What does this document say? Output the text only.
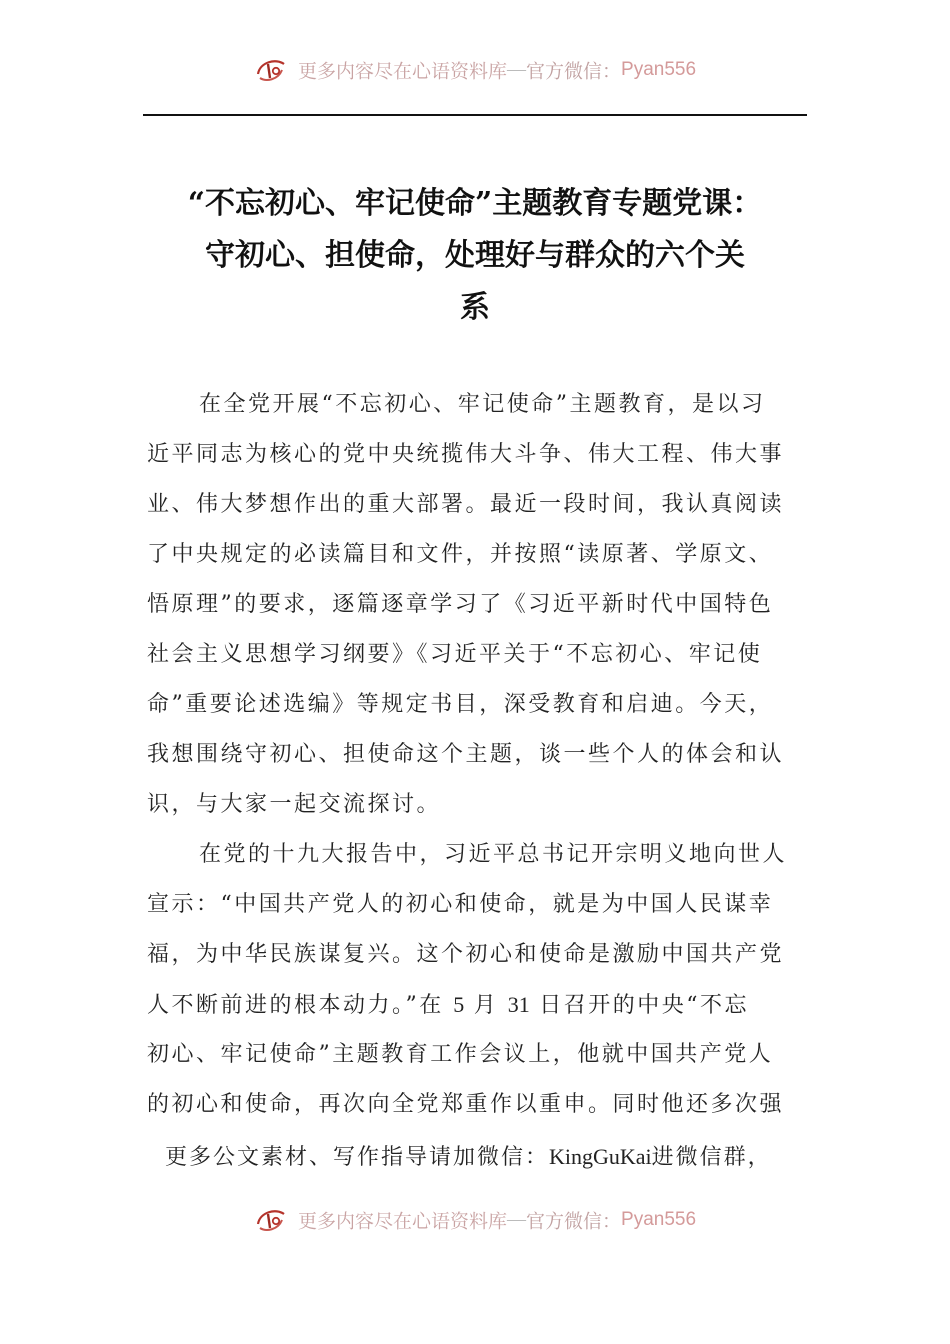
更多内容尽在心语资料库—官方微信：Pyan556
“不忘初心、牢记使命”主题教育专题党课：
守初心、担使命，处理好与群众的六个关
系
在全党开展“不忘初心、牢记使命”主题教育，是以习
近平同志为核心的党中央统揽伟大斗争、伟大工程、伟大事
业、伟大梦想作出的重大部署。最近一段时间，我认真阅读
了中央规定的必读篇目和文件，并按照“读原著、学原文、
悟原理”的要求，逐篇逐章学习了《习近平新时代中国特色
社会主义思想学习纲要》《习近平关于“不忘初心、牢记使
命”重要论述选编》等规定书目，深受教育和启迪。今天，
我想围绕守初心、担使命这个主题，谈一些个人的体会和认
识，与大家一起交流探讨。
在党的十九大报告中，习近平总书记开宗明义地向世人
宣示：“中国共产党人的初心和使命，就是为中国人民谋幸
福，为中华民族谋复兴。这个初心和使命是激励中国共产党
人不断前进的根本动力。”在 5 月 31 日召开的中央“不忘
初心、牢记使命”主题教育工作会议上，他就中国共产党人
的初心和使命，再次向全党郑重作以重申。同时他还多次强
更多公文素材、写作指导请加微信：KingGuKai进微信群，
更多内容尽在心语资料库—官方微信：Pyan556
